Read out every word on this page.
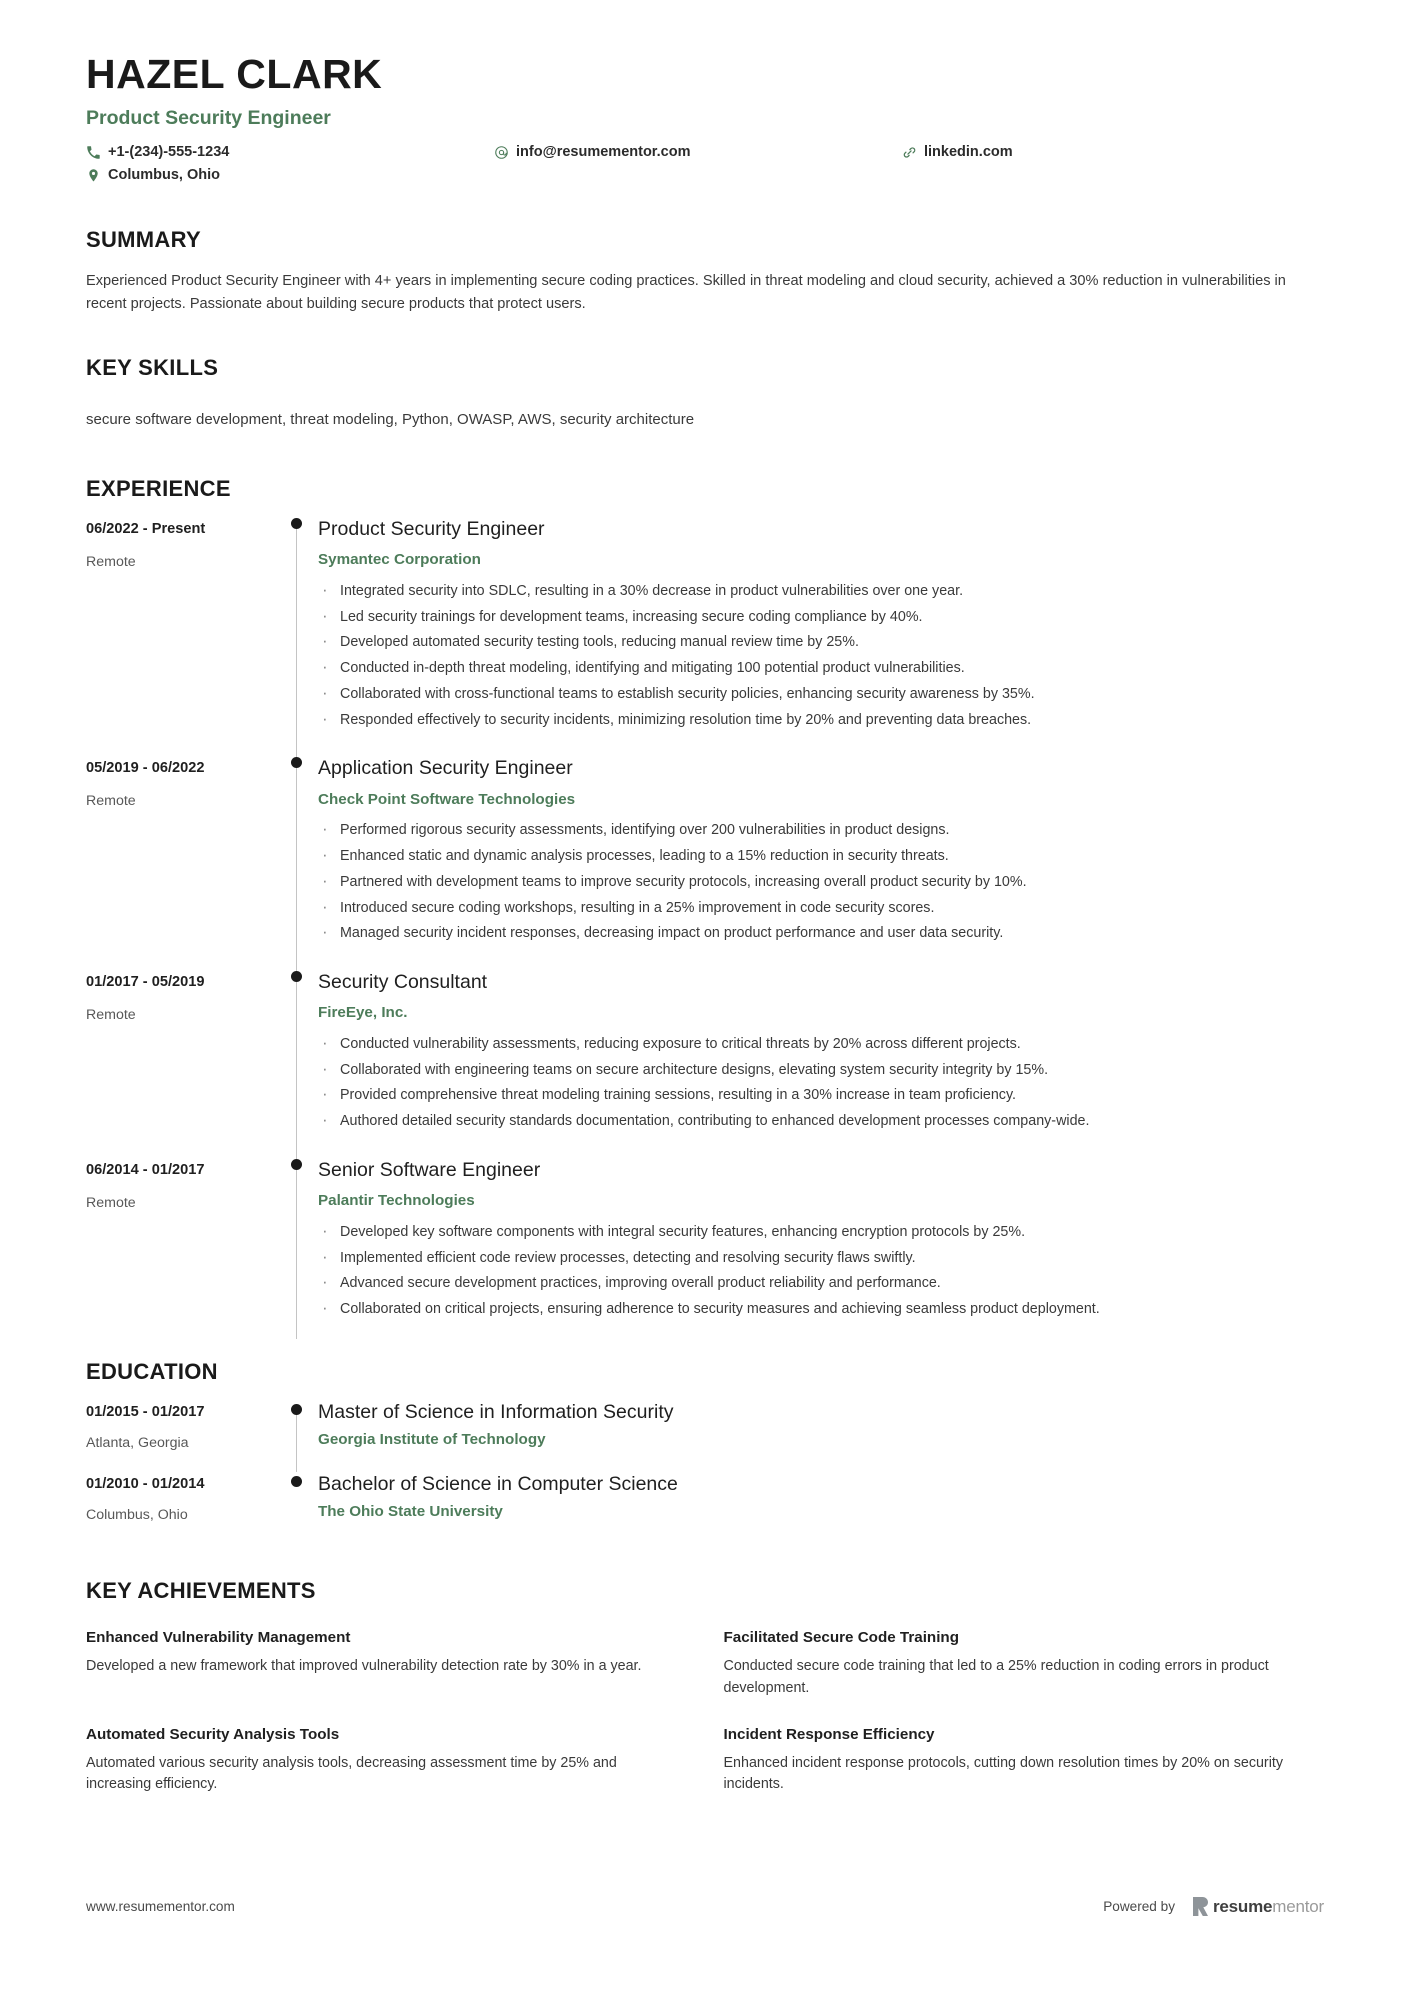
HAZEL CLARK
Product Security Engineer
+1-(234)-555-1234	info@resumementor.com	linkedin.com
Columbus, Ohio
SUMMARY

Experienced Product Security Engineer with 4+ years in implementing secure coding practices. Skilled in threat modeling and cloud security, achieved a 30% reduction in vulnerabilities in recent projects. Passionate about building secure products that protect users.

KEY SKILLS

secure software development, threat modeling, Python, OWASP, AWS, security architecture

EXPERIENCE
06/2022 - Present
Remote
Product Security Engineer
Symantec Corporation
· Integrated security into SDLC, resulting in a 30% decrease in product vulnerabilities over one year.
· Led security trainings for development teams, increasing secure coding compliance by 40%.
· Developed automated security testing tools, reducing manual review time by 25%.
· Conducted in-depth threat modeling, identifying and mitigating 100 potential product vulnerabilities.
· Collaborated with cross-functional teams to establish security policies, enhancing security awareness by 35%.
· Responded effectively to security incidents, minimizing resolution time by 20% and preventing data breaches.
05/2019 - 06/2022
Remote
Application Security Engineer
Check Point Software Technologies
· Performed rigorous security assessments, identifying over 200 vulnerabilities in product designs.
· Enhanced static and dynamic analysis processes, leading to a 15% reduction in security threats.
· Partnered with development teams to improve security protocols, increasing overall product security by 10%.
· Introduced secure coding workshops, resulting in a 25% improvement in code security scores.
· Managed security incident responses, decreasing impact on product performance and user data security.
01/2017 - 05/2019
Remote
Security Consultant
FireEye, Inc.
· Conducted vulnerability assessments, reducing exposure to critical threats by 20% across different projects.
· Collaborated with engineering teams on secure architecture designs, elevating system security integrity by 15%.
· Provided comprehensive threat modeling training sessions, resulting in a 30% increase in team proficiency.
· Authored detailed security standards documentation, contributing to enhanced development processes company-wide.
06/2014 - 01/2017
Remote
Senior Software Engineer
Palantir Technologies
· Developed key software components with integral security features, enhancing encryption protocols by 25%.
· Implemented efficient code review processes, detecting and resolving security flaws swiftly.
· Advanced secure development practices, improving overall product reliability and performance.
· Collaborated on critical projects, ensuring adherence to security measures and achieving seamless product deployment.
EDUCATION
01/2015 - 01/2017
Atlanta, Georgia
Master of Science in Information Security
Georgia Institute of Technology
01/2010 - 01/2014
Columbus, Ohio
Bachelor of Science in Computer Science
The Ohio State University
KEY ACHIEVEMENTS
Enhanced Vulnerability Management
Developed a new framework that improved vulnerability detection rate by 30% in a year.
Facilitated Secure Code Training
Conducted secure code training that led to a 25% reduction in coding errors in product development.
Automated Security Analysis Tools
Automated various security analysis tools, decreasing assessment time by 25% and increasing efficiency.
Incident Response Efficiency
Enhanced incident response protocols, cutting down resolution times by 20% on security incidents.
www.resumementor.com	Powered by resumementor
